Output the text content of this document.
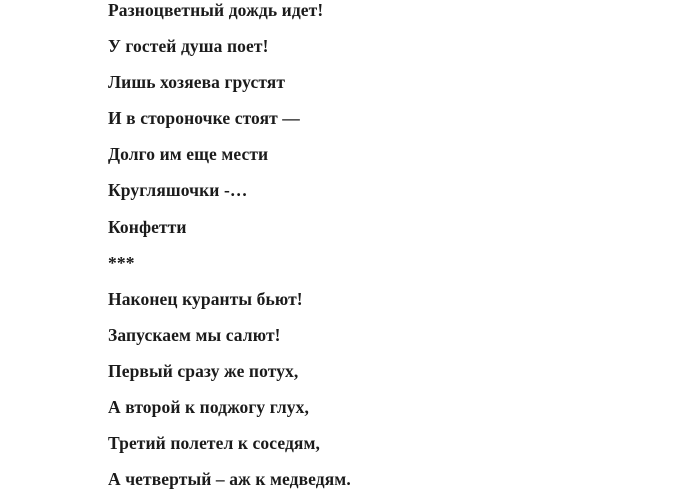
Разноцветный дождь идет!

У гостей душа поет!

Лишь хозяева грустят

И в стороночке стоят —

Долго им еще мести

Кругляшочки -…

Конфетти

***

Наконец куранты бьют!

Запускаем мы салют!

Первый сразу же потух,

А второй к поджогу глух,

Третий полетел к соседям,

А четвертый – аж к медведям.
